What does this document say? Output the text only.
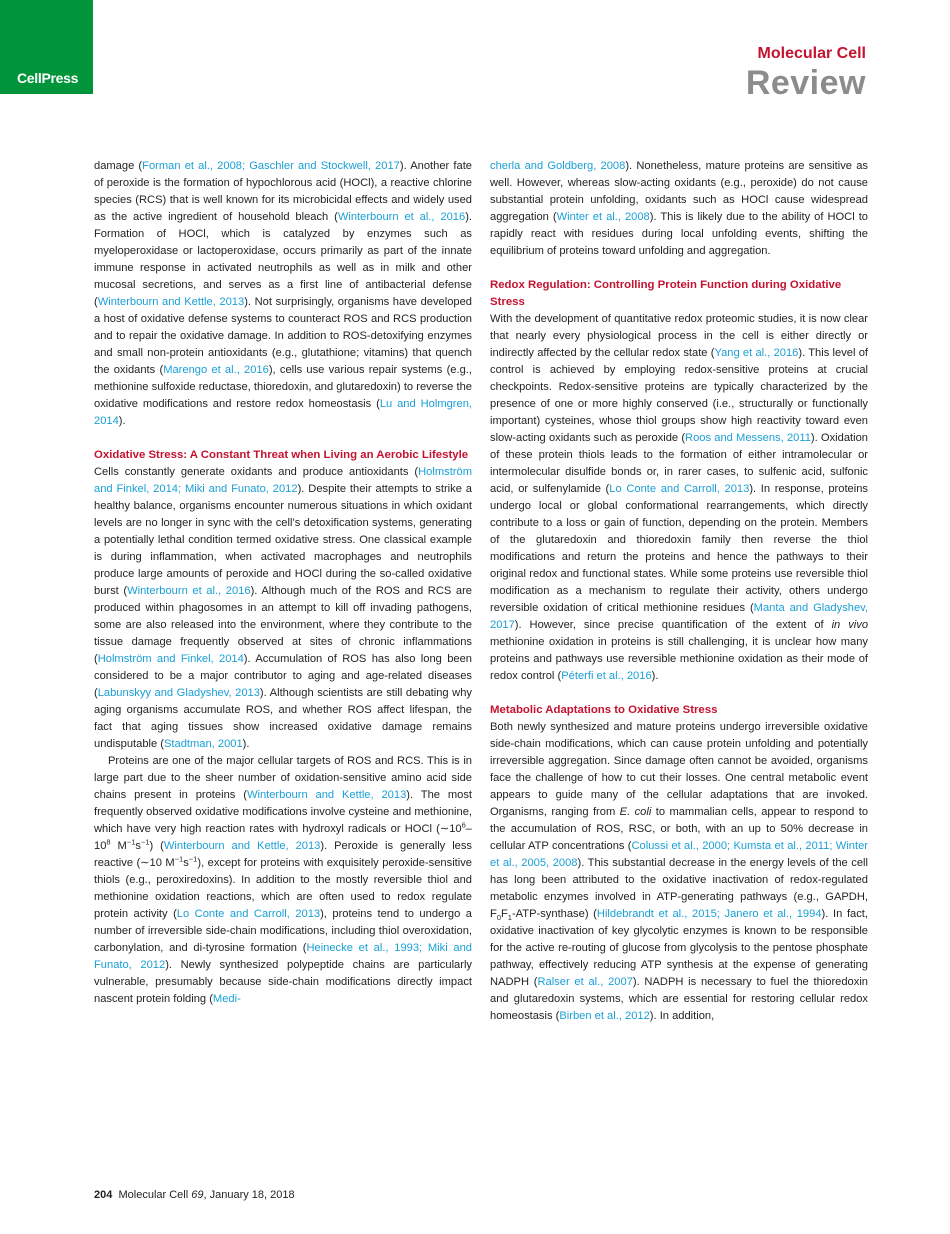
CellPress
Molecular Cell
Review

damage (Forman et al., 2008; Gaschler and Stockwell, 2017). Another fate of peroxide is the formation of hypochlorous acid (HOCl), a reactive chlorine species (RCS) that is well known for its microbicidal effects and widely used as the active ingredient of household bleach (Winterbourn et al., 2016). Formation of HOCl, which is catalyzed by enzymes such as myeloperoxidase or lactoperoxidase, occurs primarily as part of the innate immune response in activated neutrophils as well as in milk and other mucosal secretions, and serves as a first line of antibacterial defense (Winterbourn and Kettle, 2013). Not surprisingly, organisms have developed a host of oxidative defense systems to counteract ROS and RCS production and to repair the oxidative damage. In addition to ROS-detoxifying enzymes and small non-protein antioxidants (e.g., glutathione; vitamins) that quench the oxidants (Marengo et al., 2016), cells use various repair systems (e.g., methionine sulfoxide reductase, thioredoxin, and glutaredoxin) to reverse the oxidative modifications and restore redox homeostasis (Lu and Holmgren, 2014).

Oxidative Stress: A Constant Threat when Living an Aerobic Lifestyle

Cells constantly generate oxidants and produce antioxidants (Holmström and Finkel, 2014; Miki and Funato, 2012). Despite their attempts to strike a healthy balance, organisms encounter numerous situations in which oxidant levels are no longer in sync with the cell’s detoxification systems, generating a potentially lethal condition termed oxidative stress. One classical example is during inflammation, when activated macrophages and neutrophils produce large amounts of peroxide and HOCl during the so-called oxidative burst (Winterbourn et al., 2016). Although much of the ROS and RCS are produced within phagosomes in an attempt to kill off invading pathogens, some are also released into the environment, where they contribute to the tissue damage frequently observed at sites of chronic inflammations (Holmström and Finkel, 2014). Accumulation of ROS has also long been considered to be a major contributor to aging and age-related diseases (Labunskyy and Gladyshev, 2013). Although scientists are still debating why aging organisms accumulate ROS, and whether ROS affect lifespan, the fact that aging tissues show increased oxidative damage remains undisputable (Stadtman, 2001).

Proteins are one of the major cellular targets of ROS and RCS. This is in large part due to the sheer number of oxidation-sensitive amino acid side chains present in proteins (Winterbourn and Kettle, 2013). The most frequently observed oxidative modifications involve cysteine and methionine, which have very high reaction rates with hydroxyl radicals or HOCl ($\sim 10^6-10^8$ $M^{-1}s^{-1}$) (Winterbourn and Kettle, 2013). Peroxide is generally less reactive (∼10 $M^{-1}s^{-1}$), except for proteins with exquisitely peroxide-sensitive thiols (e.g., peroxiredoxins). In addition to the mostly reversible thiol and methionine oxidation reactions, which are often used to redox regulate protein activity (Lo Conte and Carroll, 2013), proteins tend to undergo a number of irreversible side-chain modifications, including thiol overoxidation, carbonylation, and di-tyrosine formation (Heinecke et al., 1993; Miki and Funato, 2012). Newly synthesized polypeptide chains are particularly vulnerable, presumably because side-chain modifications directly impact nascent protein folding (Medi-

cherla and Goldberg, 2008). Nonetheless, mature proteins are sensitive as well. However, whereas slow-acting oxidants (e.g., peroxide) do not cause substantial protein unfolding, oxidants such as HOCl cause widespread aggregation (Winter et al., 2008). This is likely due to the ability of HOCl to rapidly react with residues during local unfolding events, shifting the equilibrium of proteins toward unfolding and aggregation.

Redox Regulation: Controlling Protein Function during Oxidative Stress

With the development of quantitative redox proteomic studies, it is now clear that nearly every physiological process in the cell is either directly or indirectly affected by the cellular redox state (Yang et al., 2016). This level of control is achieved by employing redox-sensitive proteins at crucial checkpoints. Redox-sensitive proteins are typically characterized by the presence of one or more highly conserved (i.e., structurally or functionally important) cysteines, whose thiol groups show high reactivity toward even slow-acting oxidants such as peroxide (Roos and Messens, 2011). Oxidation of these protein thiols leads to the formation of either intramolecular or intermolecular disulfide bonds or, in rarer cases, to sulfenic acid, sulfonic acid, or sulfenylamide (Lo Conte and Carroll, 2013). In response, proteins undergo local or global conformational rearrangements, which directly contribute to a loss or gain of function, depending on the protein. Members of the glutaredoxin and thioredoxin family then reverse the thiol modifications and return the proteins and hence the pathways to their original redox and functional states. While some proteins use reversible thiol modification as a mechanism to regulate their activity, others undergo reversible oxidation of critical methionine residues (Manta and Gladyshev, 2017). However, since precise quantification of the extent of in vivo methionine oxidation in proteins is still challenging, it is unclear how many proteins and pathways use reversible methionine oxidation as their mode of redox control (Péterfi et al., 2016).

Metabolic Adaptations to Oxidative Stress

Both newly synthesized and mature proteins undergo irreversible oxidative side-chain modifications, which can cause protein unfolding and potentially irreversible aggregation. Since damage often cannot be avoided, organisms face the challenge of how to cut their losses. One central metabolic event appears to guide many of the cellular adaptations that are invoked. Organisms, ranging from E. coli to mammalian cells, appear to respond to the accumulation of ROS, RSC, or both, with an up to 50% decrease in cellular ATP concentrations (Colussi et al., 2000; Kumsta et al., 2011; Winter et al., 2005, 2008). This substantial decrease in the energy levels of the cell has long been attributed to the oxidative inactivation of redox-regulated metabolic enzymes involved in ATP-generating pathways (e.g., GAPDH, $F_0F_1-ATP-synthase$) (Hildebrandt et al., 2015; Janero et al., 1994). In fact, oxidative inactivation of key glycolytic enzymes is known to be responsible for the active re-routing of glucose from glycolysis to the pentose phosphate pathway, effectively reducing ATP synthesis at the expense of generating NADPH (Ralser et al., 2007). NADPH is necessary to fuel the thioredoxin and glutaredoxin systems, which are essential for restoring cellular redox homeostasis (Birben et al., 2012). In addition,

204 Molecular Cell 69, January 18, 2018
